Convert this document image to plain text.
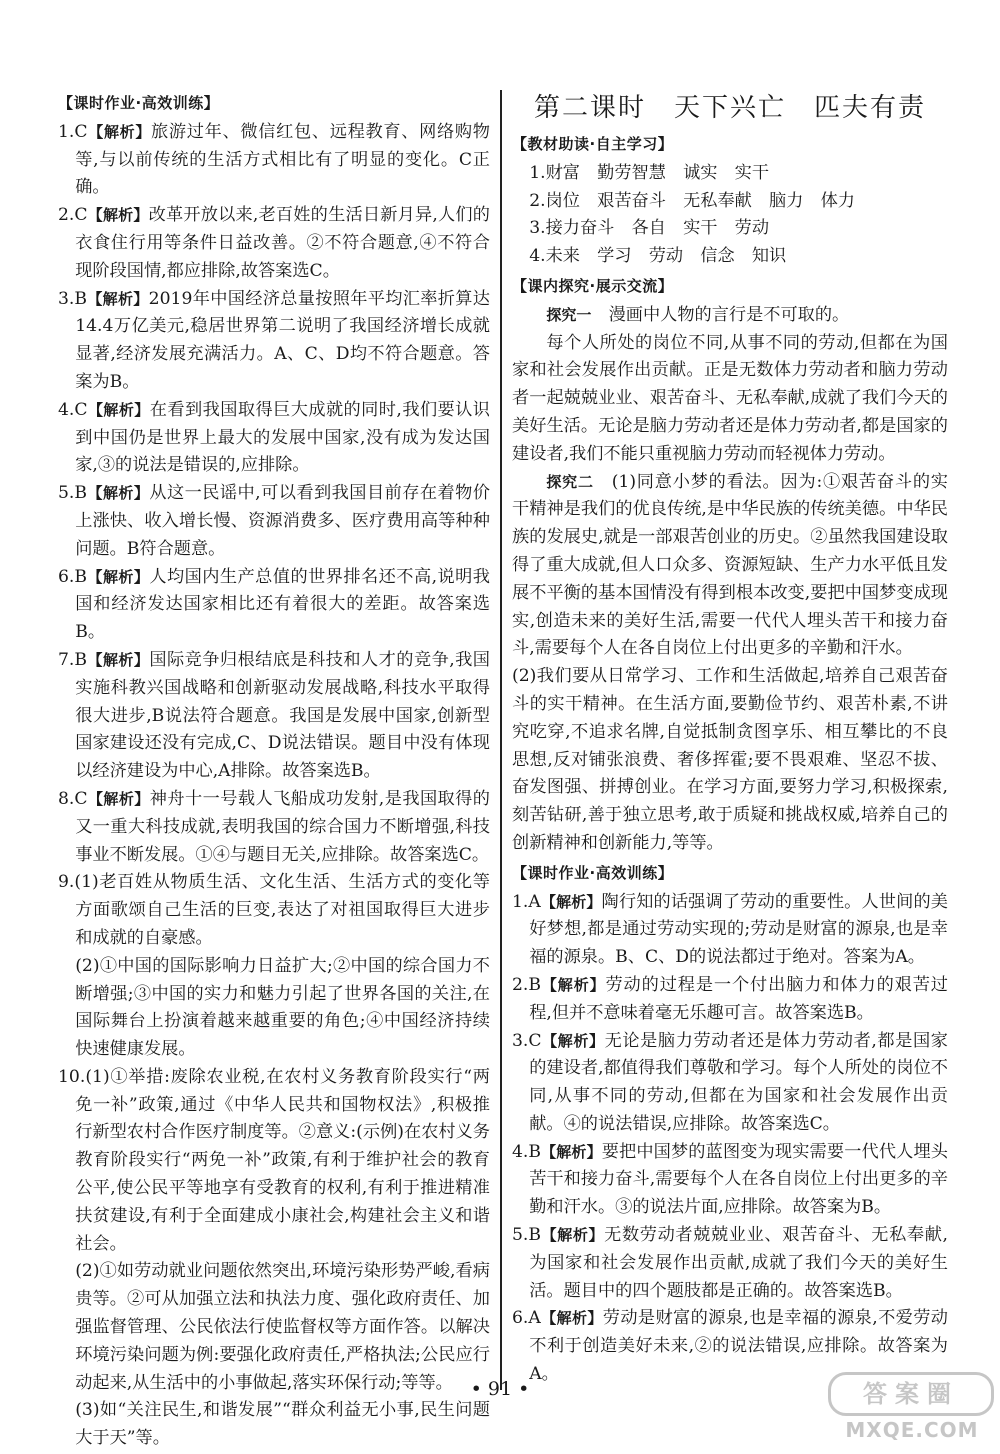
【课时作业·高效训练】

1.C【解析】旅游过年、微信红包、远程教育、网络购物等,与以前传统的生活方式相比有了明显的变化。C正确。

2.C【解析】改革开放以来,老百姓的生活日新月异,人们的衣食住行用等条件日益改善。②不符合题意,④不符合现阶段国情,都应排除,故答案选C。

3.B【解析】2019年中国经济总量按照年平均汇率折算达14.4万亿美元,稳居世界第二说明了我国经济增长成就显著,经济发展充满活力。A、C、D均不符合题意。答案为B。

4.C【解析】在看到我国取得巨大成就的同时,我们要认识到中国仍是世界上最大的发展中国家,没有成为发达国家,③的说法是错误的,应排除。

5.B【解析】从这一民谣中,可以看到我国目前存在着物价上涨快、收入增长慢、资源消费多、医疗费用高等种种问题。B符合题意。

6.B【解析】人均国内生产总值的世界排名还不高,说明我国和经济发达国家相比还有着很大的差距。故答案选B。

7.B【解析】国际竞争归根结底是科技和人才的竞争,我国实施科教兴国战略和创新驱动发展战略,科技水平取得很大进步,B说法符合题意。我国是发展中国家,创新型国家建设还没有完成,C、D说法错误。题目中没有体现以经济建设为中心,A排除。故答案选B。

8.C【解析】神舟十一号载人飞船成功发射,是我国取得的又一重大科技成就,表明我国的综合国力不断增强,科技事业不断发展。①④与题目无关,应排除。故答案选C。

9.(1)老百姓从物质生活、文化生活、生活方式的变化等方面歌颂自己生活的巨变,表达了对祖国取得巨大进步和成就的自豪感。

(2)①中国的国际影响力日益扩大;②中国的综合国力不断增强;③中国的实力和魅力引起了世界各国的关注,在国际舞台上扮演着越来越重要的角色;④中国经济持续快速健康发展。

10.(1)①举措:废除农业税,在农村义务教育阶段实行“两免一补”政策,通过《中华人民共和国物权法》,积极推行新型农村合作医疗制度等。②意义:(示例)在农村义务教育阶段实行“两免一补”政策,有利于维护社会的教育公平,使公民平等地享有受教育的权利,有利于推进精准扶贫建设,有利于全面建成小康社会,构建社会主义和谐社会。

(2)①如劳动就业问题依然突出,环境污染形势严峻,看病贵等。②可从加强立法和执法力度、强化政府责任、加强监督管理、公民依法行使监督权等方面作答。以解决环境污染问题为例:要强化政府责任,严格执法;公民应行动起来,从生活中的小事做起,落实环保行动;等等。

(3)如“关注民生,和谐发展”“群众利益无小事,民生问题大于天”等。

第二课时　天下兴亡　匹夫有责
【教材助读·自主学习】

1.财富　勤劳智慧　诚实　实干

2.岗位　艰苦奋斗　无私奉献　脑力　体力

3.接力奋斗　各自　实干　劳动

4.未来　学习　劳动　信念　知识

【课内探究·展示交流】

探究一　 漫画中人物的言行是不可取的。

每个人所处的岗位不同,从事不同的劳动,但都在为国家和社会发展作出贡献。正是无数体力劳动者和脑力劳动者一起兢兢业业、艰苦奋斗、无私奉献,成就了我们今天的美好生活。无论是脑力劳动者还是体力劳动者,都是国家的建设者,我们不能只重视脑力劳动而轻视体力劳动。

探究二　 (1)同意小梦的看法。因为:①艰苦奋斗的实干精神是我们的优良传统,是中华民族的传统美德。中华民族的发展史,就是一部艰苦创业的历史。②虽然我国建设取得了重大成就,但人口众多、资源短缺、生产力水平低且发展不平衡的基本国情没有得到根本改变,要把中国梦变成现实,创造未来的美好生活,需要一代代人埋头苦干和接力奋斗,需要每个人在各自岗位上付出更多的辛勤和汗水。

(2)我们要从日常学习、工作和生活做起,培养自己艰苦奋斗的实干精神。在生活方面,要勤俭节约、艰苦朴素,不讲究吃穿,不追求名牌,自觉抵制贪图享乐、相互攀比的不良思想,反对铺张浪费、奢侈挥霍;要不畏艰难、坚忍不拔、奋发图强、拼搏创业。在学习方面,要努力学习,积极探索,刻苦钻研,善于独立思考,敢于质疑和挑战权威,培养自己的创新精神和创新能力,等等。

【课时作业·高效训练】

1.A【解析】陶行知的话强调了劳动的重要性。人世间的美好梦想,都是通过劳动实现的;劳动是财富的源泉,也是幸福的源泉。B、C、D的说法都过于绝对。答案为A。

2.B【解析】劳动的过程是一个付出脑力和体力的艰苦过程,但并不意味着毫无乐趣可言。故答案选B。

3.C【解析】无论是脑力劳动者还是体力劳动者,都是国家的建设者,都值得我们尊敬和学习。每个人所处的岗位不同,从事不同的劳动,但都在为国家和社会发展作出贡献。④的说法错误,应排除。故答案选C。

4.B【解析】要把中国梦的蓝图变为现实需要一代代人埋头苦干和接力奋斗,需要每个人在各自岗位上付出更多的辛勤和汗水。③的说法片面,应排除。故答案为B。

5.B【解析】无数劳动者兢兢业业、艰苦奋斗、无私奉献,为国家和社会发展作出贡献,成就了我们今天的美好生活。题目中的四个题肢都是正确的。故答案选B。

6.A【解析】劳动是财富的源泉,也是幸福的源泉,不爱劳动不利于创造美好未来,②的说法错误,应排除。故答案为A。

• 91 •	答案圈
MXQE.COM
